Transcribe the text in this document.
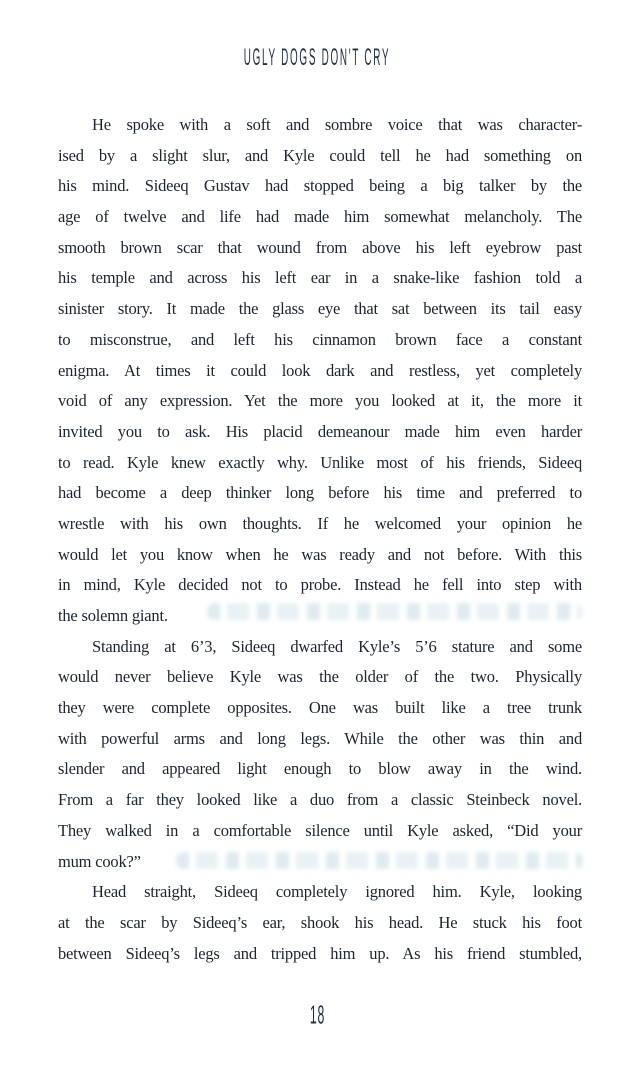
UGLY DOGS DON'T CRY
He spoke with a soft and sombre voice that was character-
ised by a slight slur, and Kyle could tell he had something on
his mind. Sideeq Gustav had stopped being a big talker by the
age of twelve and life had made him somewhat melancholy. The
smooth brown scar that wound from above his left eyebrow past
his temple and across his left ear in a snake-like fashion told a
sinister story. It made the glass eye that sat between its tail easy
to misconstrue, and left his cinnamon brown face a constant
enigma. At times it could look dark and restless, yet completely
void of any expression. Yet the more you looked at it, the more it
invited you to ask. His placid demeanour made him even harder
to read. Kyle knew exactly why. Unlike most of his friends, Sideeq
had become a deep thinker long before his time and preferred to
wrestle with his own thoughts. If he welcomed your opinion he
would let you know when he was ready and not before. With this
in mind, Kyle decided not to probe. Instead he fell into step with
the solemn giant.
Standing at 6’3, Sideeq dwarfed Kyle’s 5’6 stature and some
would never believe Kyle was the older of the two. Physically
they were complete opposites. One was built like a tree trunk
with powerful arms and long legs. While the other was thin and
slender and appeared light enough to blow away in the wind.
From a far they looked like a duo from a classic Steinbeck novel.
They walked in a comfortable silence until Kyle asked, “Did your
mum cook?”
Head straight, Sideeq completely ignored him. Kyle, looking
at the scar by Sideeq’s ear, shook his head. He stuck his foot
between Sideeq’s legs and tripped him up. As his friend stumbled,
18
